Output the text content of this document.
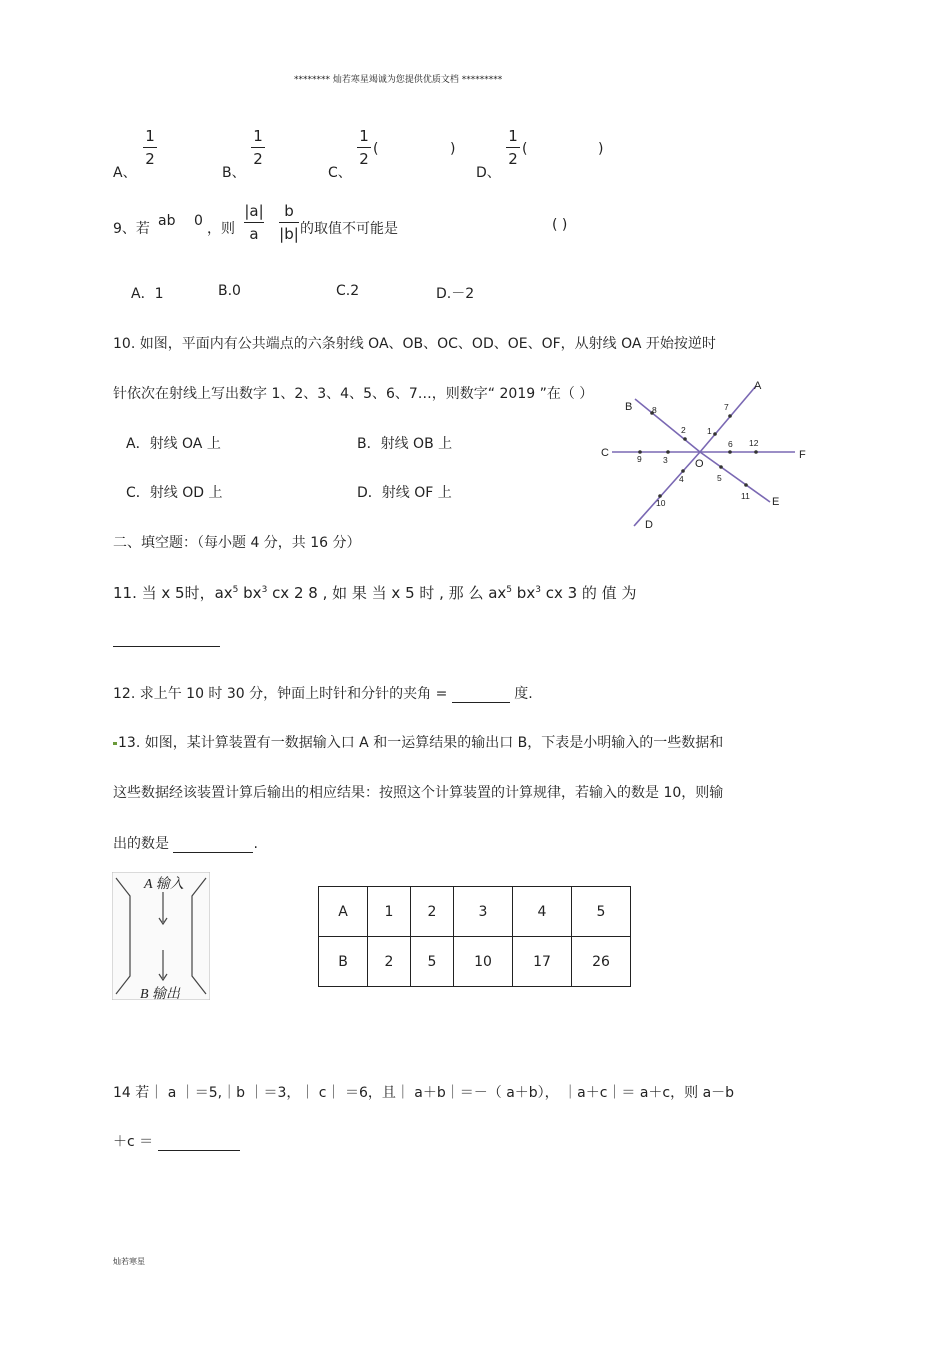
******** 灿若寒星竭诚为您提供优质文档 *********
A、
1
2
B、
1
2
C、
1
2
(	)
D、
1
2
(	)
9、若 ab 0 ，则
|a|
a
b
|b| 的取值不可能是	( )
A．1	B.0	C.2	D.－2
10. 如图，平面内有公共端点的六条射线 OA、OB、OC、OD、OE、OF，从射线 OA 开始按逆时
针依次在射线上写出数字 1、2、3、4、5、6、7…，则数字“ 2019 ”在（ ）
A．射线 OA 上	B．射线 OB 上
C．射线 OD 上	D．射线 OF 上
A
B
C
D
E
F
O
1
2
3
4	5
6
7
8
9
10
11
12
二、填空题：（每小题 4 分，共 16 分）
11. 当 x 5时，$ax^5$ $bx^3$ cx 2 8 , 如 果 当 x 5 时 , 那 么 $ax^5$ $bx^3$ cx 3 的 值 为
12. 求上午 10 时 30 分，钟面上时针和分针的夹角 =	度.
13. 如图，某计算装置有一数据输入口 A 和一运算结果的输出口 B，下表是小明输入的一些数据和
这些数据经该装置计算后输出的相应结果：按照这个计算装置的计算规律，若输入的数是 10，则输
出的数是	.
A 输入
B 输出
A	1	2	3	4	5
B	2	5	10	17	26
14 若｜ a ｜＝5,｜b ｜＝3，｜ c｜ ＝6，且｜ a＋b｜＝－（ a＋b）， ｜a＋c｜＝ a＋c，则 a－b
＋c ＝
灿若寒星
